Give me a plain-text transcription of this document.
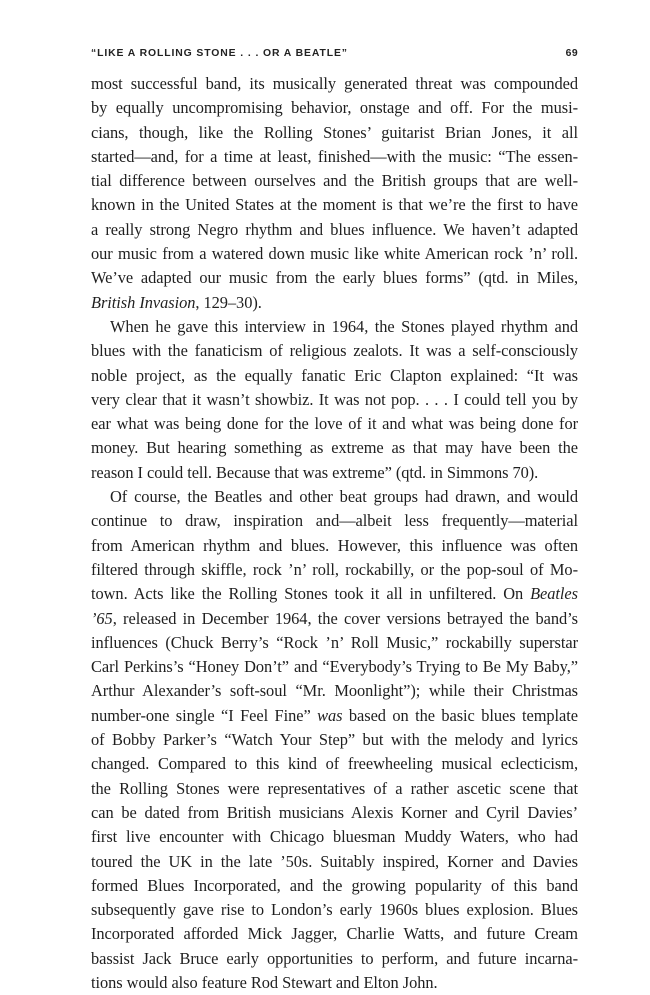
“LIKE A ROLLING STONE . . . OR A BEATLE”	69

most successful band, its musically generated threat was compounded
by equally uncompromising behavior, onstage and off. For the musi-
cians, though, like the Rolling Stones’ guitarist Brian Jones, it all
started—and, for a time at least, finished—with the music: “The essen-
tial difference between ourselves and the British groups that are well-
known in the United States at the moment is that we’re the first to have
a really strong Negro rhythm and blues influence. We haven’t adapted
our music from a watered down music like white American rock ’n’ roll.
We’ve adapted our music from the early blues forms” (qtd. in Miles,
British Invasion, 129–30).

When he gave this interview in 1964, the Stones played rhythm and
blues with the fanaticism of religious zealots. It was a self-consciously
noble project, as the equally fanatic Eric Clapton explained: “It was
very clear that it wasn’t showbiz. It was not pop. . . . I could tell you by
ear what was being done for the love of it and what was being done for
money. But hearing something as extreme as that may have been the
reason I could tell. Because that was extreme” (qtd. in Simmons 70).

Of course, the Beatles and other beat groups had drawn, and would
continue to draw, inspiration and—albeit less frequently—material
from American rhythm and blues. However, this influence was often
filtered through skiffle, rock ’n’ roll, rockabilly, or the pop-soul of Mo-
town. Acts like the Rolling Stones took it all in unfiltered. On Beatles
’65, released in December 1964, the cover versions betrayed the band’s
influences (Chuck Berry’s “Rock ’n’ Roll Music,” rockabilly superstar
Carl Perkins’s “Honey Don’t” and “Everybody’s Trying to Be My Baby,”
Arthur Alexander’s soft-soul “Mr. Moonlight”); while their Christmas
number-one single “I Feel Fine” was based on the basic blues template
of Bobby Parker’s “Watch Your Step” but with the melody and lyrics
changed. Compared to this kind of freewheeling musical eclecticism,
the Rolling Stones were representatives of a rather ascetic scene that
can be dated from British musicians Alexis Korner and Cyril Davies’
first live encounter with Chicago bluesman Muddy Waters, who had
toured the UK in the late ’50s. Suitably inspired, Korner and Davies
formed Blues Incorporated, and the growing popularity of this band
subsequently gave rise to London’s early 1960s blues explosion. Blues
Incorporated afforded Mick Jagger, Charlie Watts, and future Cream
bassist Jack Bruce early opportunities to perform, and future incarna-
tions would also feature Rod Stewart and Elton John.
